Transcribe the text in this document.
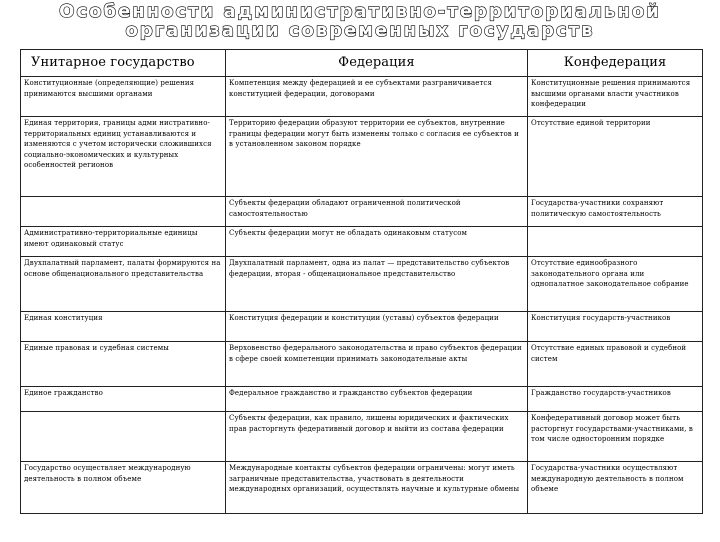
Особенности административно-территориальной
организации современных государств
Унитарное государство	Федерация	Конфедерация
Конституционные (определяющие) решения принимаются высшими органами	Компетенция между федерацией и ее субъектами разграничивается конституцией федерации, договорами	Конституционные решения принимаются высшими органами власти участников конфедерации
Единая территория, границы адми нистративно-территориальных единиц устанавливаются и изменяются с учетом исторически сложившихся социально-экономических и культурных особенностей регионов	Территорию федерации образуют территории ее субъектов, внутренние границы федерации могут быть изменены только с согласия ее субъектов и в установленном законом порядке	Отсутствие единой территории
	Субъекты федерации обладают ограниченной политической самостоятельностью	Государства-участники сохраняют политическую самостоятельность
Административно-территориальные единицы имеют одинаковый статус	Субъекты федерации могут не обладать одинаковым статусом	
Двухпалатный парламент, палаты формируются на основе общенационального представительства	Двухпалатный парламент, одна из палат — представительство субъектов федерации, вторая - общенациональное представительство	Отсутствие единообразного законодательного органа или однопалатное законодательное собрание
Единая конституция	Конституция федерации и конституции (уставы) субъектов федерации	Конституция государств-участников
Единые правовая и судебная системы	Верховенство федерального законодательства и право субъектов федерации в сфере своей компетенции принимать законодательные акты	Отсутствие единых правовой и судебной систем
Единое гражданство	Федеральное гражданство и гражданство субъектов федерации	Гражданство государств-участников
	Субъекты федерации, как правило, лишены юридических и фактических прав расторгнуть федеративный договор и выйти из состава федерации	Конфедеративный договор может быть расторгнут государствами-участниками, в том числе односторонним порядке
Государство осуществляет международную деятельность в полном объеме	Международные контакты субъектов федерации ограничены: могут иметь заграничные представительства, участвовать в деятельности международных организаций, осуществлять научные и культурные обмены	Государства-участники осуществляют международную деятельность в полном объеме
